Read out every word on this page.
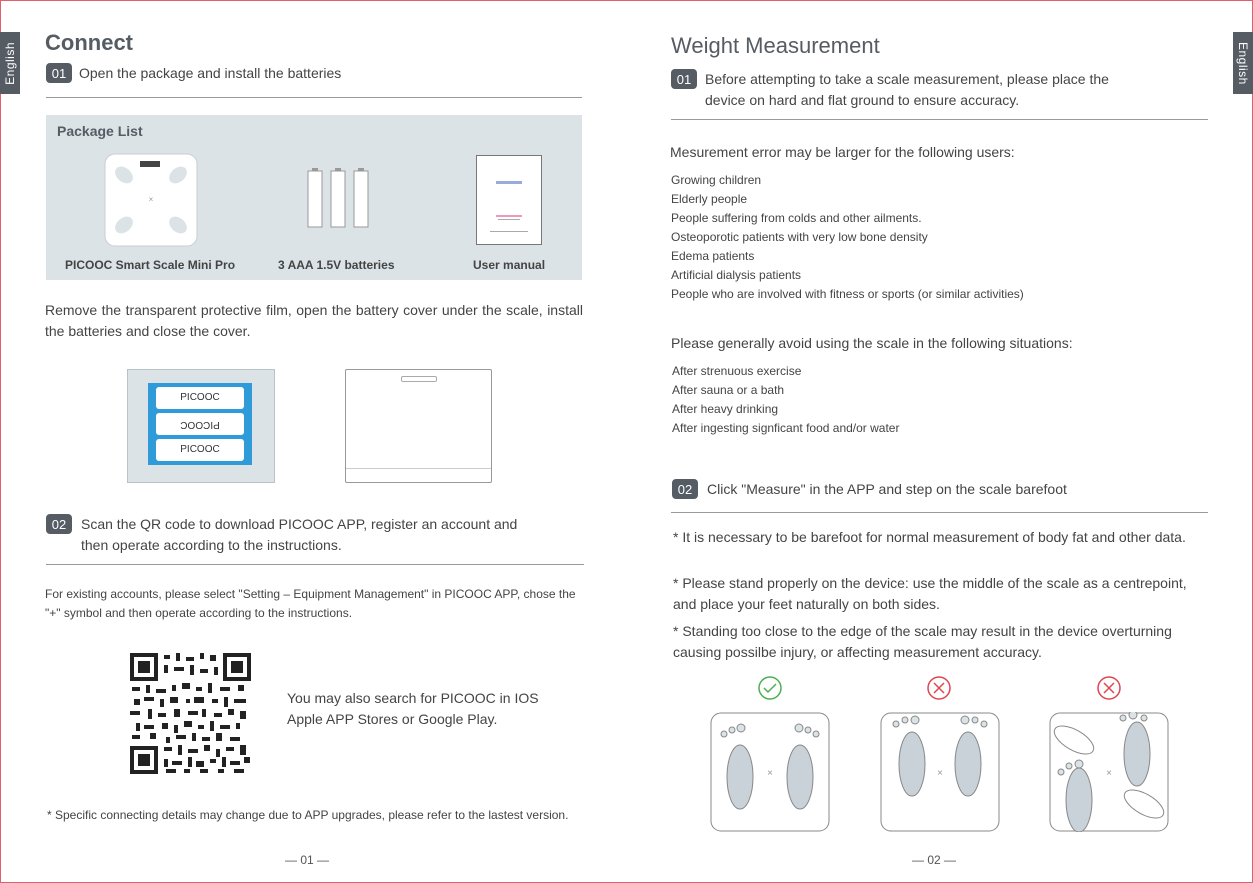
English Connect
01 Open the package and install the batteries
Package List
×
PICOOC Smart Scale Mini Pro	3 AAA 1.5V batteries	User manual
Remove the transparent protective film, open the battery cover under the scale, install the batteries and close the cover.
PICOOC
PICOOC
PICOOC
02	Scan the QR code to download PICOOC APP, register an account and
then operate according to the instructions.
For existing accounts, please select "Setting – Equipment Management" in PICOOC APP, chose the "+" symbol and then operate according to the instructions.
You may also search for PICOOC in IOS
Apple APP Stores or Google Play.
* Specific connecting details may change due to APP upgrades, please refer to the lastest version.
— 01 —
English
Weight Measurement
01 Before attempting to take a scale measurement, please place the
device on hard and flat ground to ensure accuracy.
Mesurement error may be larger for the following users:
Growing children
Elderly people
People suffering from colds and other ailments.
Osteoporotic patients with very low bone density
Edema patients
Artificial dialysis patients
People who are involved with fitness or sports (or similar activities)
Please generally avoid using the scale in the following situations:
After strenuous exercise
After sauna or a bath
After heavy drinking
After ingesting signficant food and/or water
02	Click "Measure" in the APP and step on the scale barefoot
* It is necessary to be barefoot for normal measurement of body fat and other data.
* Please stand properly on the device: use the middle of the scale as a centrepoint, and place your feet naturally on both sides.
* Standing too close to the edge of the scale may result in the device overturning causing possilbe injury, or affecting measurement accuracy.
×	×	×
— 02 —
